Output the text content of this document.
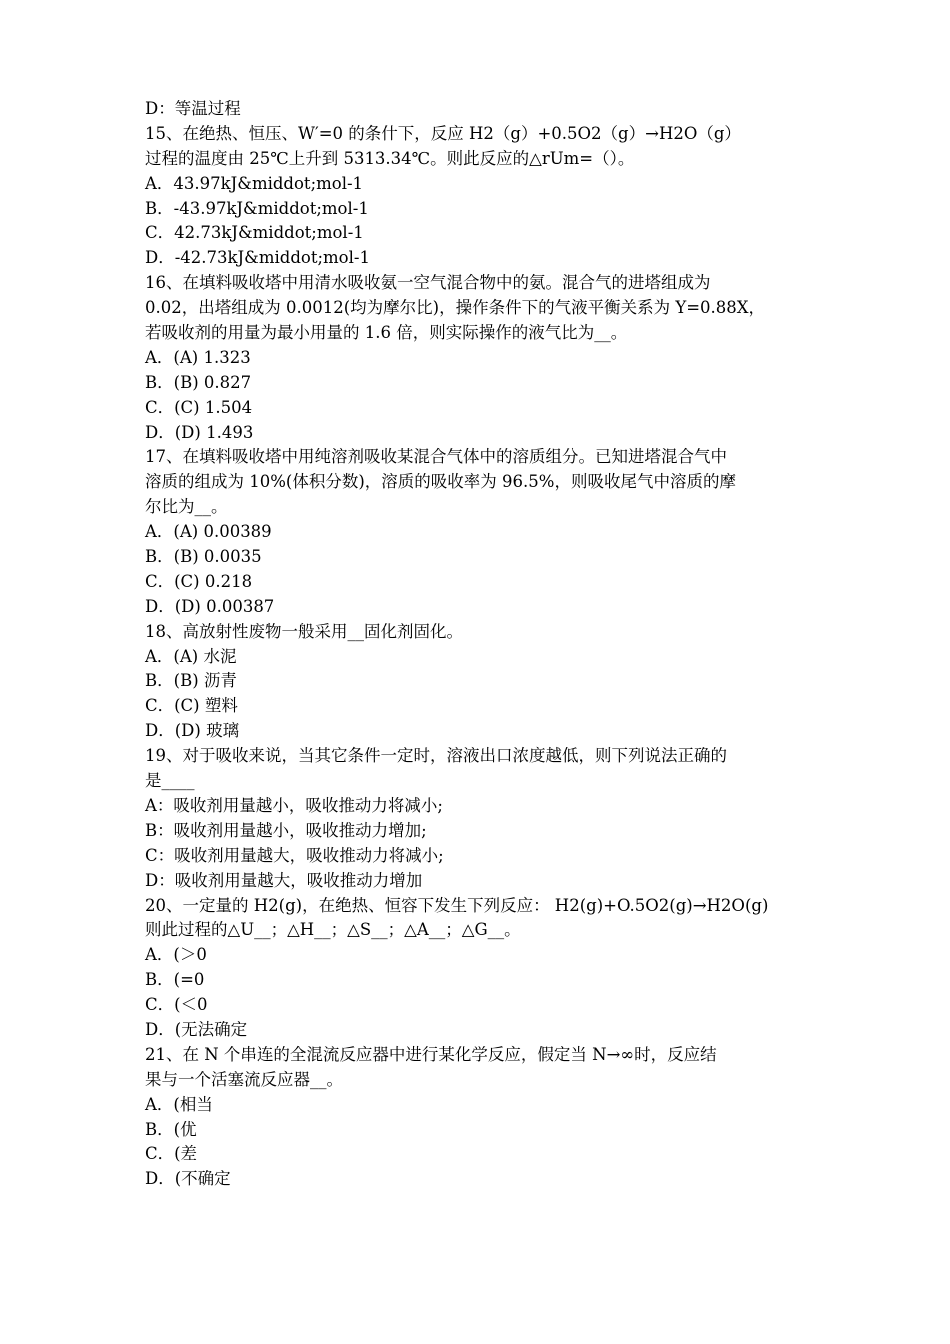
D：等温过程
15、在绝热、恒压、W′=0 的条什下，反应 H2（g）+0.5O2（g）→H2O（g）
过程的温度由 25℃上升到 5313.34℃。则此反应的△rUm=（）。
A．43.97kJ&middot;mol-1
B．-43.97kJ&middot;mol-1
C．42.73kJ&middot;mol-1
D．-42.73kJ&middot;mol-1
16、在填料吸收塔中用清水吸收氨一空气混合物中的氨。混合气的进塔组成为
0.02，出塔组成为 0.0012(均为摩尔比)，操作条件下的气液平衡关系为 Y=0.88X，
若吸收剂的用量为最小用量的 1.6 倍，则实际操作的液气比为__。
A．(A) 1.323
B．(B) 0.827
C．(C) 1.504
D．(D) 1.493
17、在填料吸收塔中用纯溶剂吸收某混合气体中的溶质组分。已知进塔混合气中
溶质的组成为 10%(体积分数)，溶质的吸收率为 96.5%，则吸收尾气中溶质的摩
尔比为__。
A．(A) 0.00389
B．(B) 0.0035
C．(C) 0.218
D．(D) 0.00387
18、高放射性废物一般采用__固化剂固化。
A．(A) 水泥
B．(B) 沥青
C．(C) 塑料
D．(D) 玻璃
19、对于吸收来说，当其它条件一定时，溶液出口浓度越低，则下列说法正确的
是____
A：吸收剂用量越小，吸收推动力将减小;
B：吸收剂用量越小，吸收推动力增加;
C：吸收剂用量越大，吸收推动力将减小;
D：吸收剂用量越大，吸收推动力增加
20、一定量的 H2(g)，在绝热、恒容下发生下列反应： H2(g)+O.5O2(g)→H2O(g)
则此过程的△U__；△H__；△S__；△A__；△G__。
A．(＞0
B．(=0
C．(＜0
D．(无法确定
21、在 N 个串连的全混流反应器中进行某化学反应，假定当 N→∞时，反应结
果与一个活塞流反应器__。
A．(相当
B．(优
C．(差
D．(不确定
